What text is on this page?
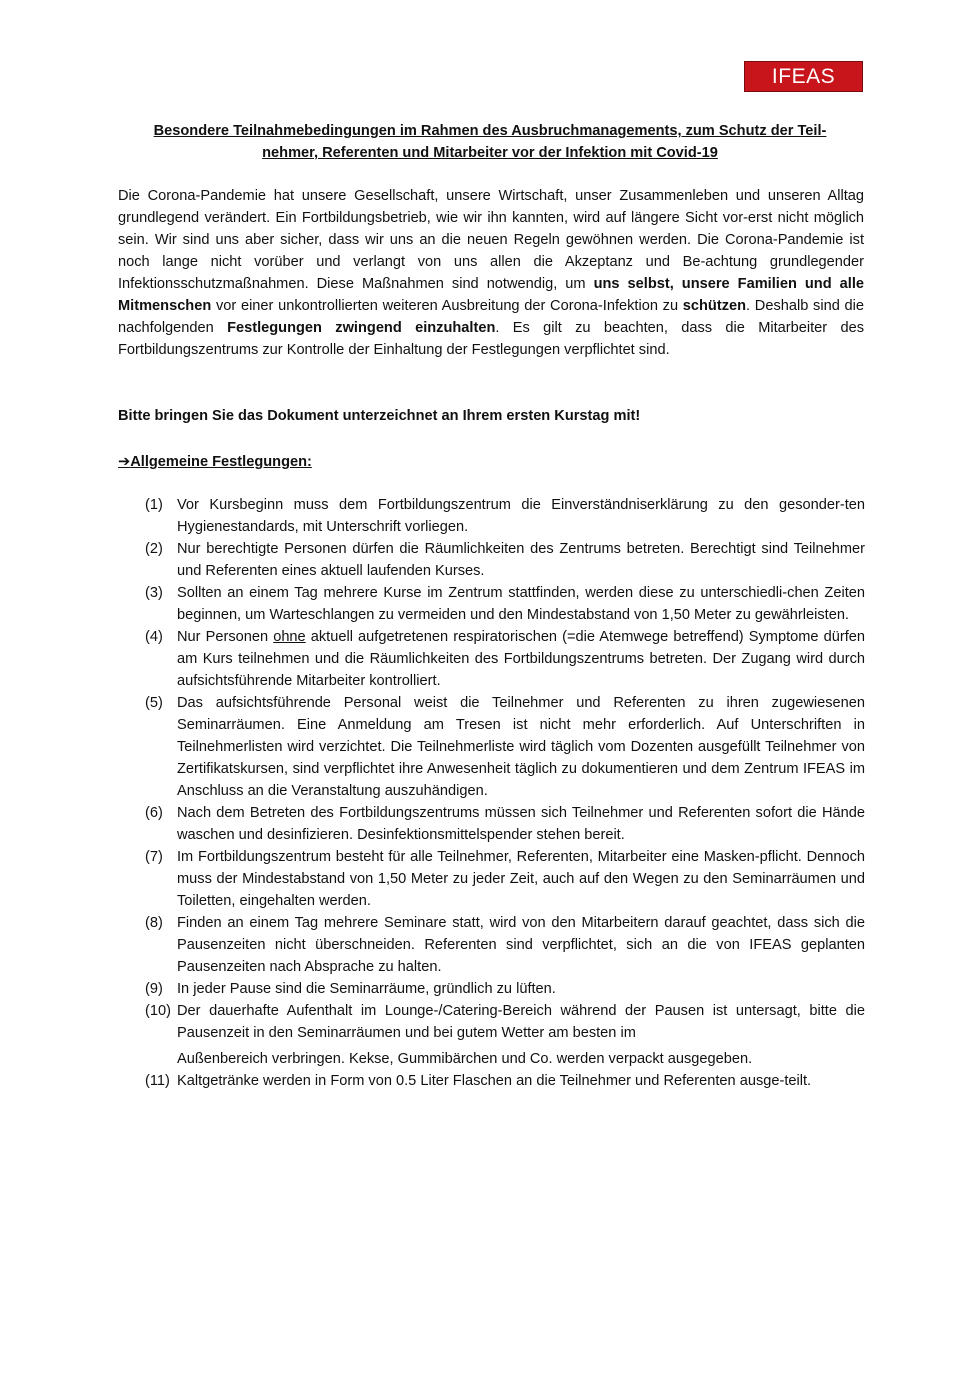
IFEAS
Besondere Teilnahmebedingungen im Rahmen des Ausbruchmanagements, zum Schutz der Teil-
nehmer, Referenten und Mitarbeiter vor der Infektion mit Covid-19
Die Corona-Pandemie hat unsere Gesellschaft, unsere Wirtschaft, unser Zusammenleben und unseren Alltag grundlegend verändert. Ein Fortbildungsbetrieb, wie wir ihn kannten, wird auf längere Sicht vor-erst nicht möglich sein. Wir sind uns aber sicher, dass wir uns an die neuen Regeln gewöhnen werden. Die Corona-Pandemie ist noch lange nicht vorüber und verlangt von uns allen die Akzeptanz und Be-achtung grundlegender Infektionsschutzmaßnahmen. Diese Maßnahmen sind notwendig, um uns selbst, unsere Familien und alle Mitmenschen vor einer unkontrollierten weiteren Ausbreitung der Corona-Infektion zu schützen. Deshalb sind die nachfolgenden Festlegungen zwingend einzuhalten. Es gilt zu beachten, dass die Mitarbeiter des Fortbildungszentrums zur Kontrolle der Einhaltung der Festlegungen verpflichtet sind.
Bitte bringen Sie das Dokument unterzeichnet an Ihrem ersten Kurstag mit!
➔Allgemeine Festlegungen:
(1) Vor Kursbeginn muss dem Fortbildungszentrum die Einverständniserklärung zu den gesonder-ten Hygienestandards, mit Unterschrift vorliegen.
(2) Nur berechtigte Personen dürfen die Räumlichkeiten des Zentrums betreten. Berechtigt sind Teilnehmer und Referenten eines aktuell laufenden Kurses.
(3) Sollten an einem Tag mehrere Kurse im Zentrum stattfinden, werden diese zu unterschiedli-chen Zeiten beginnen, um Warteschlangen zu vermeiden und den Mindestabstand von 1,50 Meter zu gewährleisten.
(4) Nur Personen ohne aktuell aufgetretenen respiratorischen (=die Atemwege betreffend) Symptome dürfen am Kurs teilnehmen und die Räumlichkeiten des Fortbildungszentrums betreten. Der Zugang wird durch aufsichtsführende Mitarbeiter kontrolliert.
(5) Das aufsichtsführende Personal weist die Teilnehmer und Referenten zu ihren zugewiesenen Seminarräumen. Eine Anmeldung am Tresen ist nicht mehr erforderlich. Auf Unterschriften in Teilnehmerlisten wird verzichtet. Die Teilnehmerliste wird täglich vom Dozenten ausgefüllt Teilnehmer von Zertifikatskursen, sind verpflichtet ihre Anwesenheit täglich zu dokumentieren und dem Zentrum IFEAS im Anschluss an die Veranstaltung auszuhändigen.
(6) Nach dem Betreten des Fortbildungszentrums müssen sich Teilnehmer und Referenten sofort die Hände waschen und desinfizieren. Desinfektionsmittelspender stehen bereit.
(7) Im Fortbildungszentrum besteht für alle Teilnehmer, Referenten, Mitarbeiter eine Masken-pflicht. Dennoch muss der Mindestabstand von 1,50 Meter zu jeder Zeit, auch auf den Wegen zu den Seminarräumen und Toiletten, eingehalten werden.
(8) Finden an einem Tag mehrere Seminare statt, wird von den Mitarbeitern darauf geachtet, dass sich die Pausenzeiten nicht überschneiden. Referenten sind verpflichtet, sich an die von IFEAS geplanten Pausenzeiten nach Absprache zu halten.
(9) In jeder Pause sind die Seminarräume, gründlich zu lüften.
(10) Der dauerhafte Aufenthalt im Lounge-/Catering-Bereich während der Pausen ist untersagt, bitte die Pausenzeit in den Seminarräumen und bei gutem Wetter am besten im
Außenbereich verbringen. Kekse, Gummibärchen und Co. werden verpackt ausgegeben.
(11) Kaltgetränke werden in Form von 0.5 Liter Flaschen an die Teilnehmer und Referenten ausge-teilt.
